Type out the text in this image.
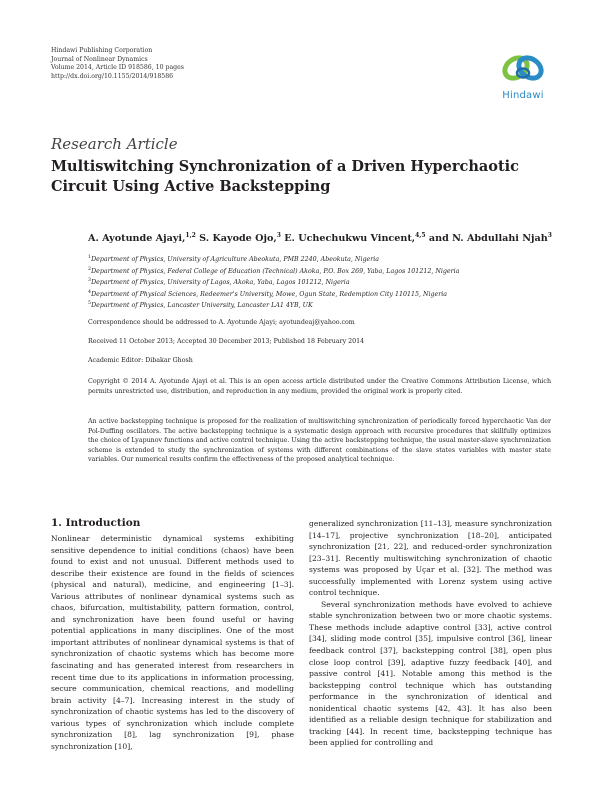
Hindawi Publishing Corporation
Journal of Nonlinear Dynamics
Volume 2014, Article ID 918586, 10 pages
http://dx.doi.org/10.1155/2014/918586
Hindawi
Research Article
Multiswitching Synchronization of a Driven Hyperchaotic Circuit Using Active Backstepping
A. Ayotunde Ajayi,$^{1,2}$ S. Kayode Ojo,$^3$ E. Uchechukwu Vincent,$^{4,5}$ and N. Abdullahi Njah$^3$
$^1$Department of Physics, University of Agriculture Abeokuta, PMB 2240, Abeokuta, Nigeria
$^2$Department of Physics, Federal College of Education (Technical) Akoka, P.O. Box 269, Yaba, Lagos 101212, Nigeria
$^3$Department of Physics, University of Lagos, Akoka, Yaba, Lagos 101212, Nigeria
$^4$Department of Physical Sciences, Redeemer's University, Mowe, Ogun State, Redemption City 110115, Nigeria
$^5$Department of Physics, Lancaster University, Lancaster LA1 4YB, UK
Correspondence should be addressed to A. Ayotunde Ajayi; ayotundeaj@yahoo.com
Received 11 October 2013; Accepted 30 December 2013; Published 18 February 2014
Academic Editor: Dibakar Ghosh
Copyright © 2014 A. Ayotunde Ajayi et al. This is an open access article distributed under the Creative Commons Attribution License, which permits unrestricted use, distribution, and reproduction in any medium, provided the original work is properly cited.
An active backstepping technique is proposed for the realization of multiswitching synchronization of periodically forced hyperchaotic Van der Pol-Duffing oscillators. The active backstepping technique is a systematic design approach with recursive procedures that skillfully optimizes the choice of Lyapunov functions and active control technique. Using the active backstepping technique, the usual master-slave synchronization scheme is extended to study the synchronization of systems with different combinations of the slave states variables with master state variables. Our numerical results confirm the effectiveness of the proposed analytical technique.
1. Introduction

Nonlinear deterministic dynamical systems exhibiting sensitive dependence to initial conditions (chaos) have been found to exist and not unusual. Different methods used to describe their existence are found in the fields of sciences (physical and natural), medicine, and engineering [1–3]. Various attributes of nonlinear dynamical systems such as chaos, bifurcation, multistability, pattern formation, control, and synchronization have been found useful or having potential applications in many disciplines. One of the most important attributes of nonlinear dynamical systems is that of synchronization of chaotic systems which has become more fascinating and has generated interest from researchers in recent time due to its applications in information processing, secure communication, chemical reactions, and modelling brain activity [4–7]. Increasing interest in the study of synchronization of chaotic systems has led to the discovery of various types of synchronization which include complete synchronization [8], lag synchronization [9], phase synchronization [10],

generalized synchronization [11–13], measure synchronization [14–17], projective synchronization [18–20], anticipated synchronization [21, 22], and reduced-order synchronization [23–31]. Recently multiswitching synchronization of chaotic systems was proposed by Uçar et al. [32]. The method was successfully implemented with Lorenz system using active control technique.

Several synchronization methods have evolved to achieve stable synchronization between two or more chaotic systems. These methods include adaptive control [33], active control [34], sliding mode control [35], impulsive control [36], linear feedback control [37], backstepping control [38], open plus close loop control [39], adaptive fuzzy feedback [40], and passive control [41]. Notable among this method is the backstepping control technique which has outstanding performance in the synchronization of identical and nonidentical chaotic systems [42, 43]. It has also been identified as a reliable design technique for stabilization and tracking [44]. In recent time, backstepping technique has been applied for controlling and
